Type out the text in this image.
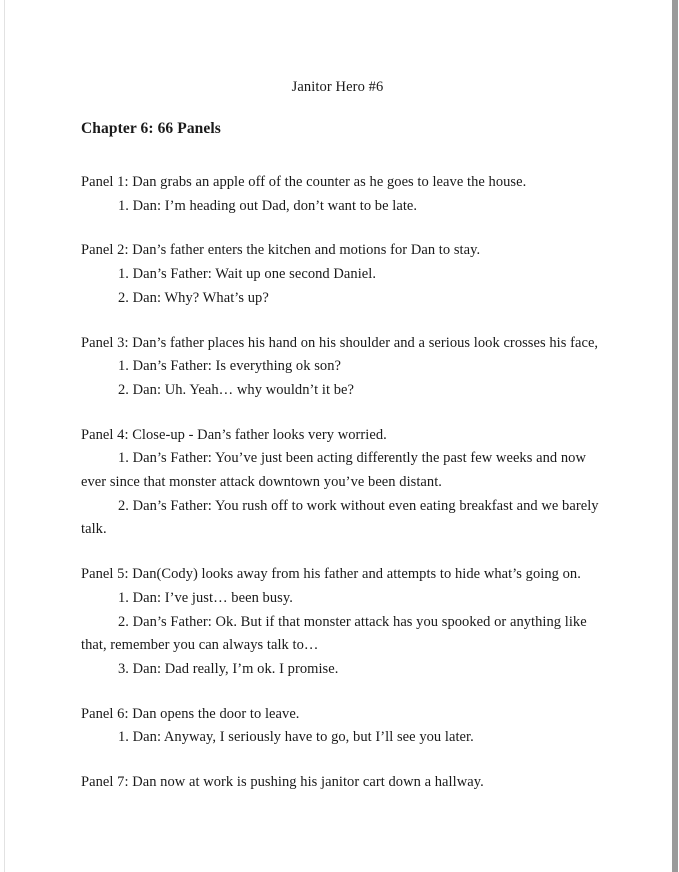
Janitor Hero #6
Chapter 6: 66 Panels

Panel 1: Dan grabs an apple off of the counter as he goes to leave the house.

1. Dan: I’m heading out Dad, don’t want to be late.

Panel 2: Dan’s father enters the kitchen and motions for Dan to stay.

1. Dan’s Father: Wait up one second Daniel.

2. Dan: Why? What’s up?

Panel 3: Dan’s father places his hand on his shoulder and a serious look crosses his face,

1. Dan’s Father: Is everything ok son?

2. Dan: Uh. Yeah… why wouldn’t it be?

Panel 4: Close-up - Dan’s father looks very worried.

1. Dan’s Father: You’ve just been acting differently the past few weeks and now ever since that monster attack downtown you’ve been distant.

2. Dan’s Father: You rush off to work without even eating breakfast and we barely talk.

Panel 5: Dan(Cody) looks away from his father and attempts to hide what’s going on.

1. Dan: I’ve just… been busy.

2. Dan’s Father: Ok. But if that monster attack has you spooked or anything like that, remember you can always talk to…

3. Dan: Dad really, I’m ok. I promise.

Panel 6: Dan opens the door to leave.

1. Dan: Anyway, I seriously have to go, but I’ll see you later.

Panel 7: Dan now at work is pushing his janitor cart down a hallway.
